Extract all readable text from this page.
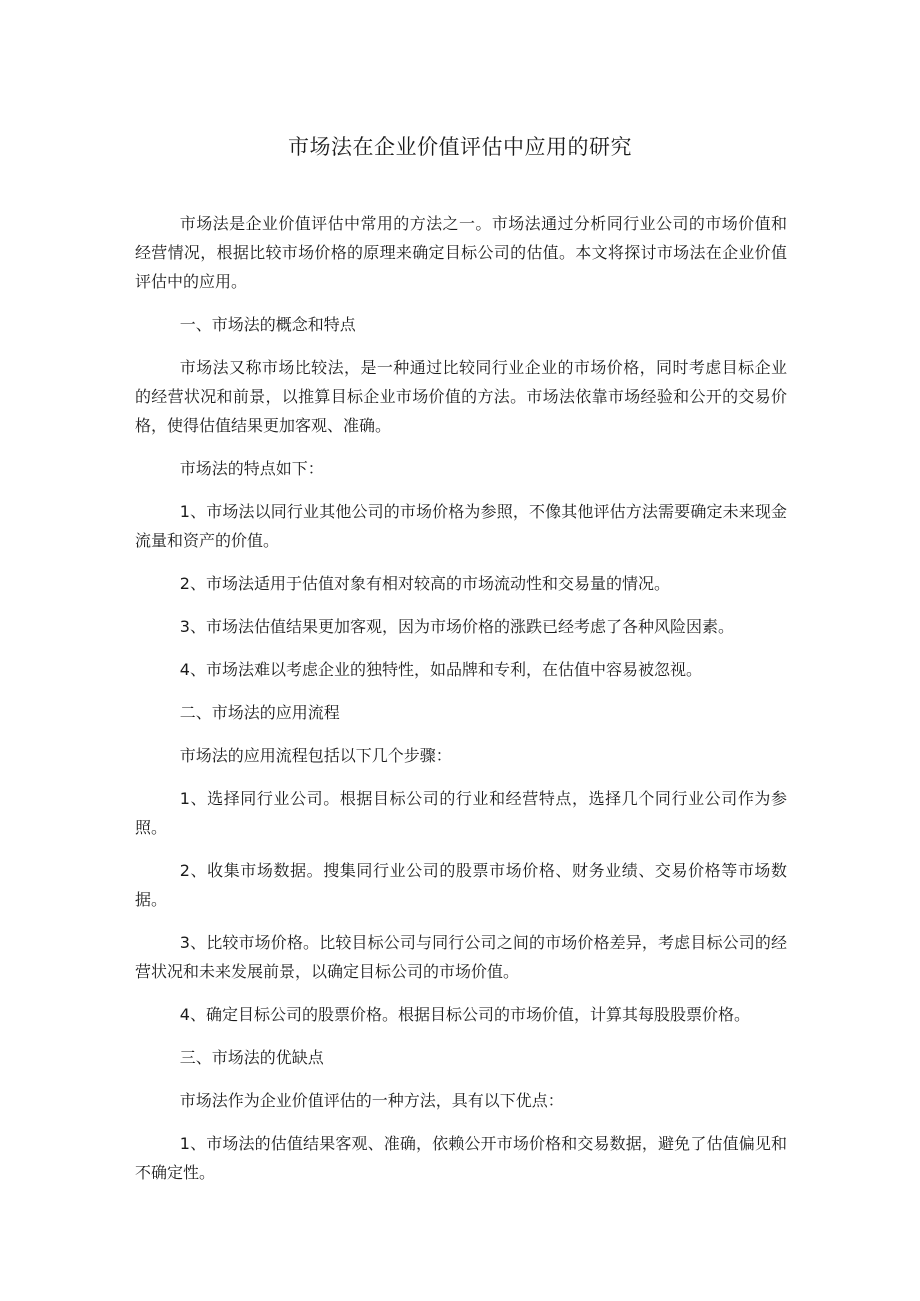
市场法在企业价值评估中应用的研究

市场法是企业价值评估中常用的方法之一。市场法通过分析同行业公司的市场价值和经营情况，根据比较市场价格的原理来确定目标公司的估值。本文将探讨市场法在企业价值评估中的应用。

一、市场法的概念和特点

市场法又称市场比较法，是一种通过比较同行业企业的市场价格，同时考虑目标企业的经营状况和前景，以推算目标企业市场价值的方法。市场法依靠市场经验和公开的交易价格，使得估值结果更加客观、准确。

市场法的特点如下：

1、市场法以同行业其他公司的市场价格为参照，不像其他评估方法需要确定未来现金流量和资产的价值。

2、市场法适用于估值对象有相对较高的市场流动性和交易量的情况。

3、市场法估值结果更加客观，因为市场价格的涨跌已经考虑了各种风险因素。

4、市场法难以考虑企业的独特性，如品牌和专利，在估值中容易被忽视。

二、市场法的应用流程

市场法的应用流程包括以下几个步骤：

1、选择同行业公司。根据目标公司的行业和经营特点，选择几个同行业公司作为参照。

2、收集市场数据。搜集同行业公司的股票市场价格、财务业绩、交易价格等市场数据。

3、比较市场价格。比较目标公司与同行公司之间的市场价格差异，考虑目标公司的经营状况和未来发展前景，以确定目标公司的市场价值。

4、确定目标公司的股票价格。根据目标公司的市场价值，计算其每股股票价格。

三、市场法的优缺点

市场法作为企业价值评估的一种方法，具有以下优点：

1、市场法的估值结果客观、准确，依赖公开市场价格和交易数据，避免了估值偏见和不确定性。
